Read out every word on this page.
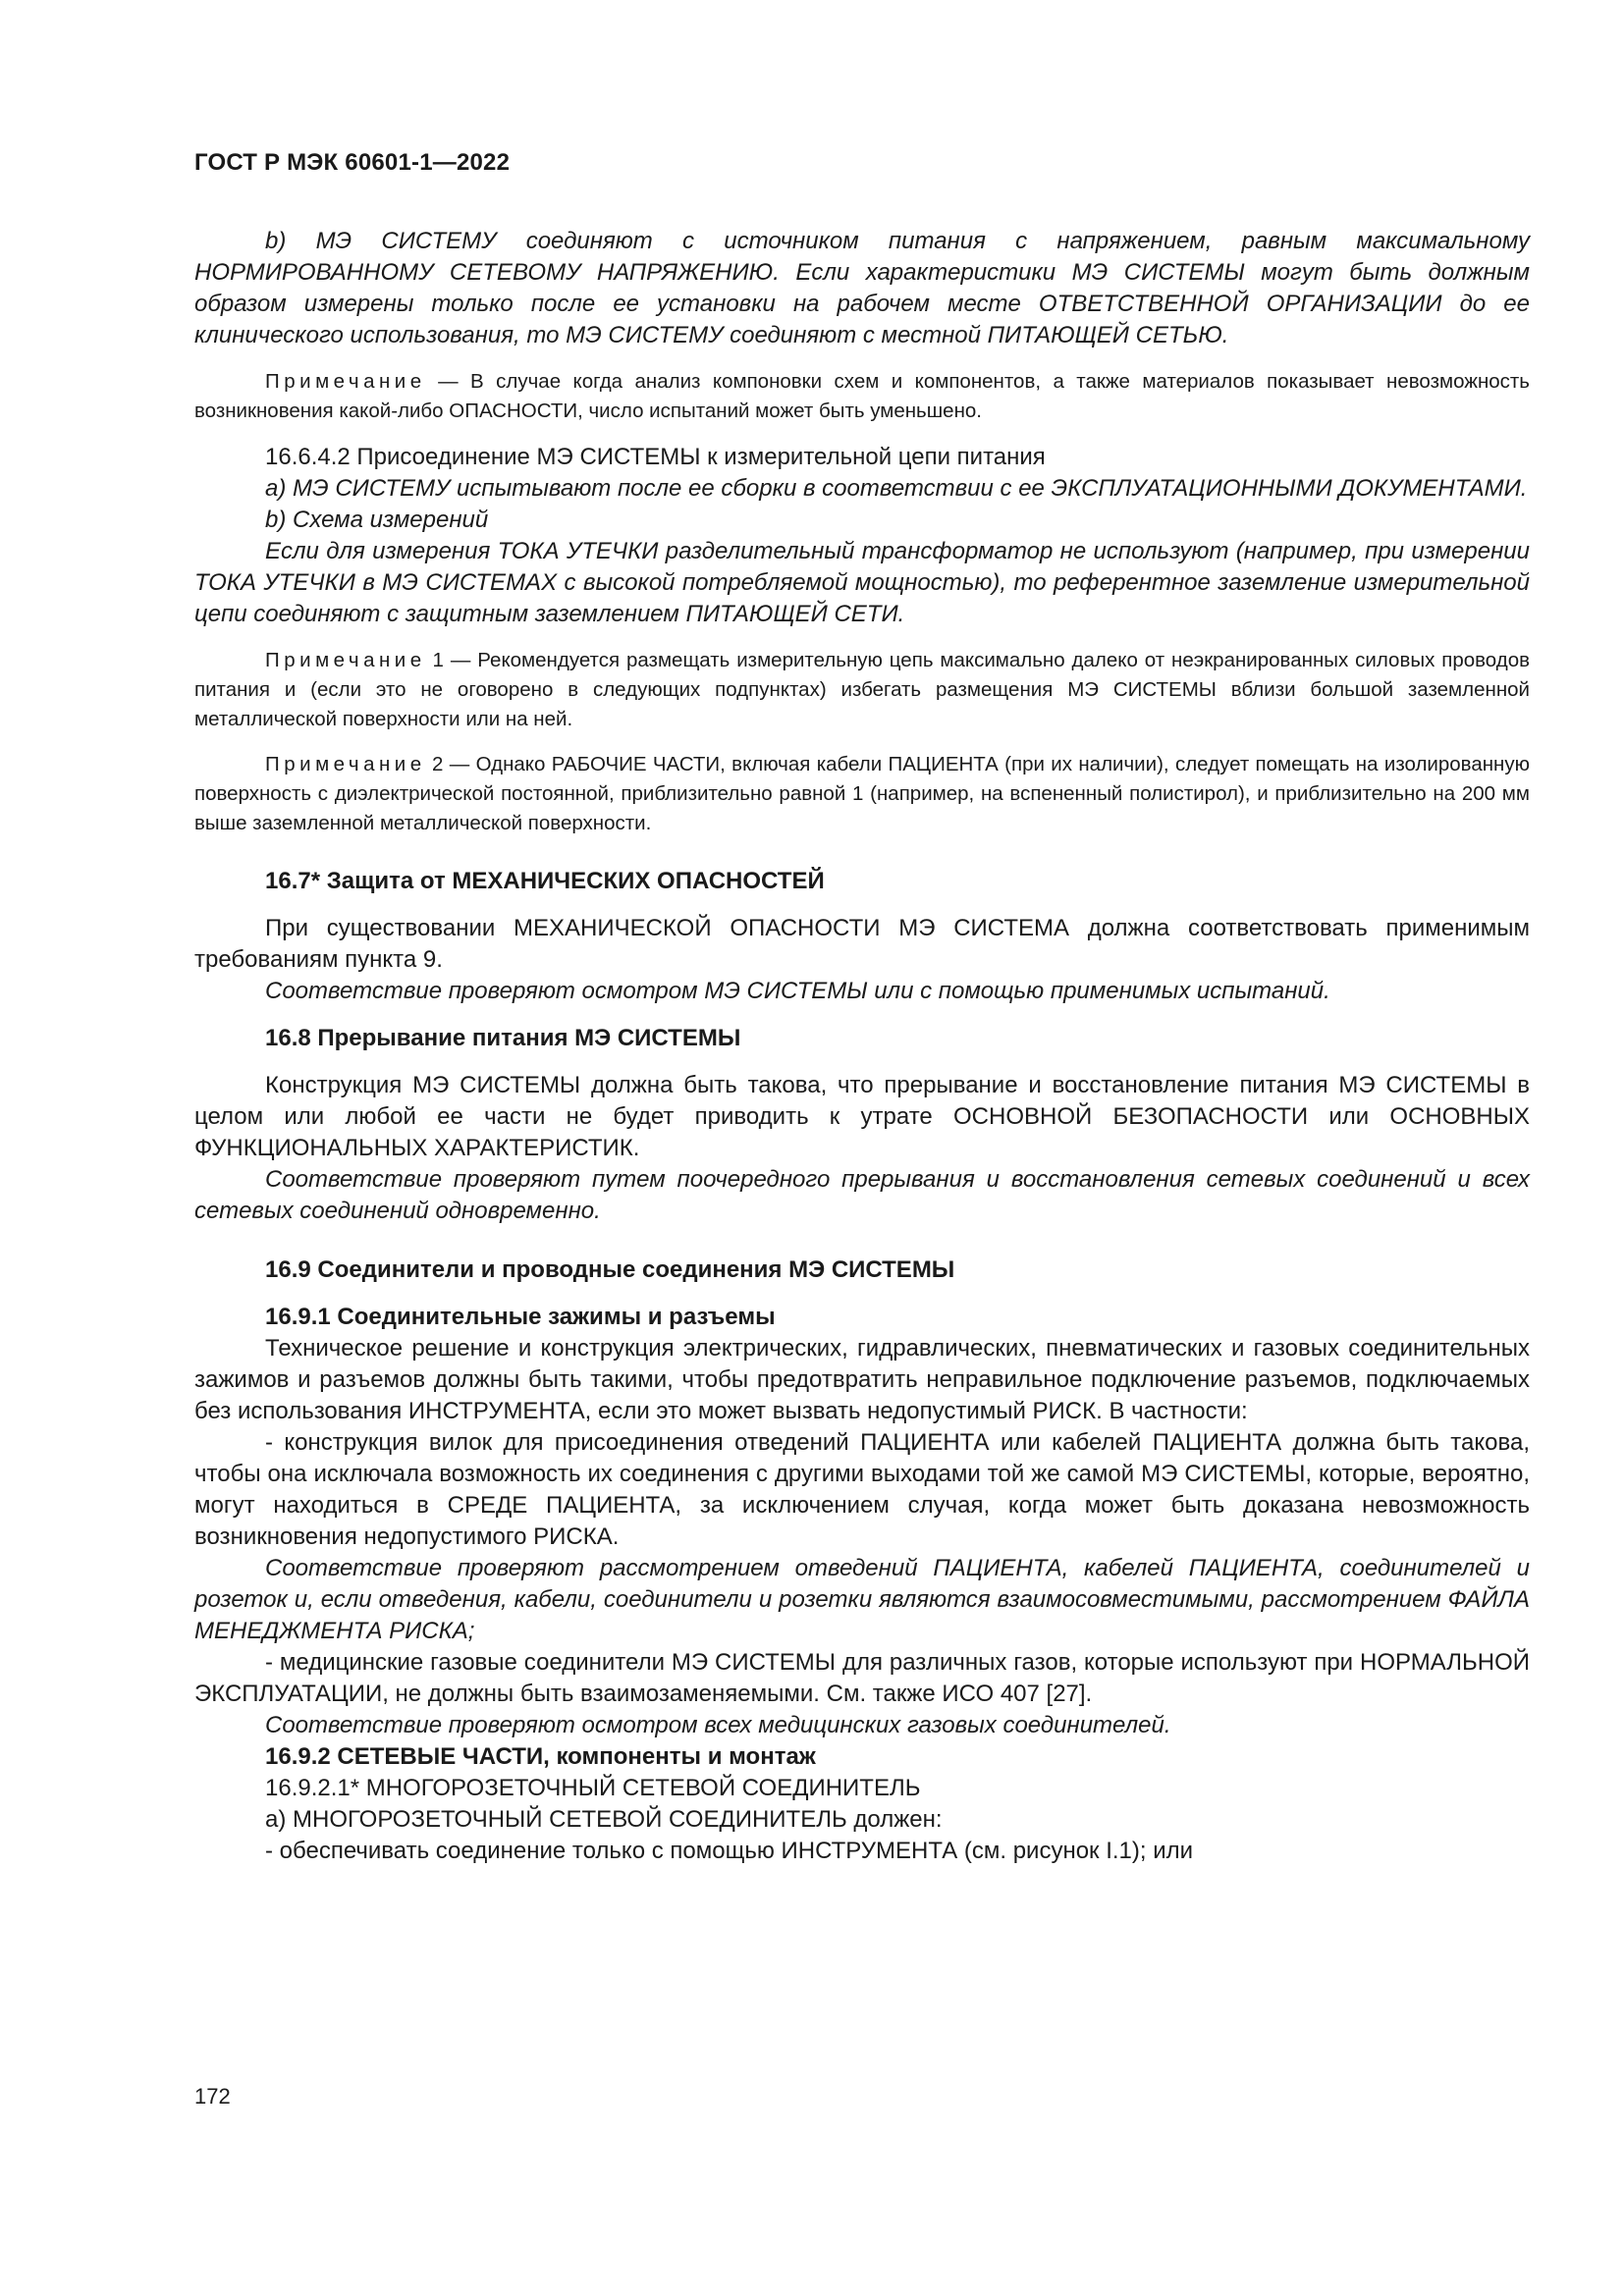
ГОСТ Р МЭК 60601-1—2022

b) МЭ СИСТЕМУ соединяют с источником питания с напряжением, равным максимальному НОРМИРОВАННОМУ СЕТЕВОМУ НАПРЯЖЕНИЮ. Если характеристики МЭ СИСТЕМЫ могут быть должным образом измерены только после ее установки на рабочем месте ОТВЕТСТВЕННОЙ ОРГАНИЗАЦИИ до ее клинического использования, то МЭ СИСТЕМУ соединяют с местной ПИТАЮЩЕЙ СЕТЬЮ.

Примечание — В случае когда анализ компоновки схем и компонентов, а также материалов показывает невозможность возникновения какой-либо ОПАСНОСТИ, число испытаний может быть уменьшено.

16.6.4.2 Присоединение МЭ СИСТЕМЫ к измерительной цепи питания

a) МЭ СИСТЕМУ испытывают после ее сборки в соответствии с ее ЭКСПЛУАТАЦИОННЫМИ ДОКУМЕНТАМИ.

b) Схема измерений

Если для измерения ТОКА УТЕЧКИ разделительный трансформатор не используют (например, при измерении ТОКА УТЕЧКИ в МЭ СИСТЕМАХ с высокой потребляемой мощностью), то референтное заземление измерительной цепи соединяют с защитным заземлением ПИТАЮЩЕЙ СЕТИ.

Примечание 1 — Рекомендуется размещать измерительную цепь максимально далеко от неэкранированных силовых проводов питания и (если это не оговорено в следующих подпунктах) избегать размещения МЭ СИСТЕМЫ вблизи большой заземленной металлической поверхности или на ней.

Примечание 2 — Однако РАБОЧИЕ ЧАСТИ, включая кабели ПАЦИЕНТА (при их наличии), следует помещать на изолированную поверхность с диэлектрической постоянной, приблизительно равной 1 (например, на вспененный полистирол), и приблизительно на 200 мм выше заземленной металлической поверхности.

16.7* Защита от МЕХАНИЧЕСКИХ ОПАСНОСТЕЙ

При существовании МЕХАНИЧЕСКОЙ ОПАСНОСТИ МЭ СИСТЕМА должна соответствовать применимым требованиям пункта 9.

Соответствие проверяют осмотром МЭ СИСТЕМЫ или с помощью применимых испытаний.

16.8 Прерывание питания МЭ СИСТЕМЫ

Конструкция МЭ СИСТЕМЫ должна быть такова, что прерывание и восстановление питания МЭ СИСТЕМЫ в целом или любой ее части не будет приводить к утрате ОСНОВНОЙ БЕЗОПАСНОСТИ или ОСНОВНЫХ ФУНКЦИОНАЛЬНЫХ ХАРАКТЕРИСТИК.

Соответствие проверяют путем поочередного прерывания и восстановления сетевых соединений и всех сетевых соединений одновременно.

16.9 Соединители и проводные соединения МЭ СИСТЕМЫ

16.9.1 Соединительные зажимы и разъемы

Техническое решение и конструкция электрических, гидравлических, пневматических и газовых соединительных зажимов и разъемов должны быть такими, чтобы предотвратить неправильное подключение разъемов, подключаемых без использования ИНСТРУМЕНТА, если это может вызвать недопустимый РИСК. В частности:

- конструкция вилок для присоединения отведений ПАЦИЕНТА или кабелей ПАЦИЕНТА должна быть такова, чтобы она исключала возможность их соединения с другими выходами той же самой МЭ СИСТЕМЫ, которые, вероятно, могут находиться в СРЕДЕ ПАЦИЕНТА, за исключением случая, когда может быть доказана невозможность возникновения недопустимого РИСКА.

Соответствие проверяют рассмотрением отведений ПАЦИЕНТА, кабелей ПАЦИЕНТА, соединителей и розеток и, если отведения, кабели, соединители и розетки являются взаимосовместимыми, рассмотрением ФАЙЛА МЕНЕДЖМЕНТА РИСКА;

- медицинские газовые соединители МЭ СИСТЕМЫ для различных газов, которые используют при НОРМАЛЬНОЙ ЭКСПЛУАТАЦИИ, не должны быть взаимозаменяемыми. См. также ИСО 407 [27].

Соответствие проверяют осмотром всех медицинских газовых соединителей.

16.9.2 СЕТЕВЫЕ ЧАСТИ, компоненты и монтаж

16.9.2.1* МНОГОРОЗЕТОЧНЫЙ СЕТЕВОЙ СОЕДИНИТЕЛЬ

a) МНОГОРОЗЕТОЧНЫЙ СЕТЕВОЙ СОЕДИНИТЕЛЬ должен:

- обеспечивать соединение только с помощью ИНСТРУМЕНТА (см. рисунок I.1); или

172
